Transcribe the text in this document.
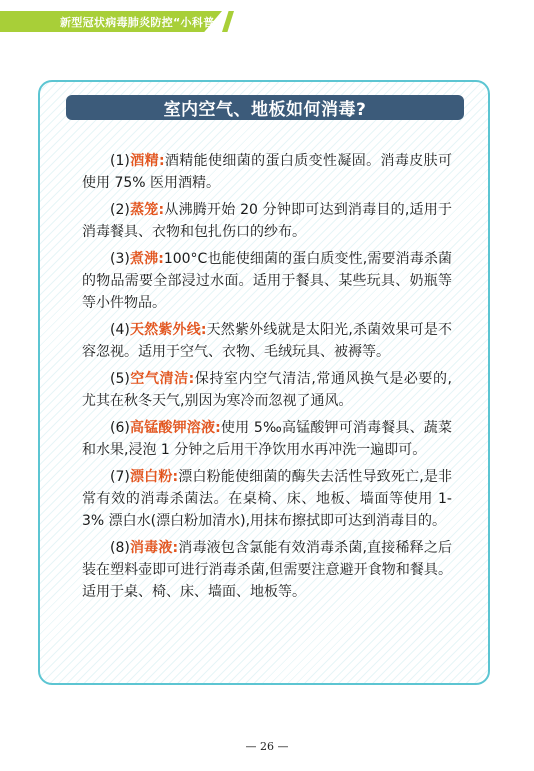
新型冠状病毒肺炎防控“小科普”
室内空气、地板如何消毒?

(1)酒精:酒精能使细菌的蛋白质变性凝固。消毒皮肤可使用 75% 医用酒精。

(2)蒸笼:从沸腾开始 20 分钟即可达到消毒目的,适用于消毒餐具、衣物和包扎伤口的纱布。

(3)煮沸:100°C也能使细菌的蛋白质变性,需要消毒杀菌的物品需要全部浸过水面。适用于餐具、某些玩具、奶瓶等等小件物品。

(4)天然紫外线:天然紫外线就是太阳光,杀菌效果可是不容忽视。适用于空气、衣物、毛绒玩具、被褥等。

(5)空气清洁:保持室内空气清洁,常通风换气是必要的,尤其在秋冬天气,别因为寒冷而忽视了通风。

(6)高锰酸钾溶液:使用 5‰高锰酸钾可消毒餐具、蔬菜和水果,浸泡 1 分钟之后用干净饮用水再冲洗一遍即可。

(7)漂白粉:漂白粉能使细菌的酶失去活性导致死亡,是非常有效的消毒杀菌法。在桌椅、床、地板、墙面等使用 1-3% 漂白水(漂白粉加清水),用抹布擦拭即可达到消毒目的。

(8)消毒液:消毒液包含氯能有效消毒杀菌,直接稀释之后装在塑料壶即可进行消毒杀菌,但需要注意避开食物和餐具。适用于桌、椅、床、墙面、地板等。

— 26 —
